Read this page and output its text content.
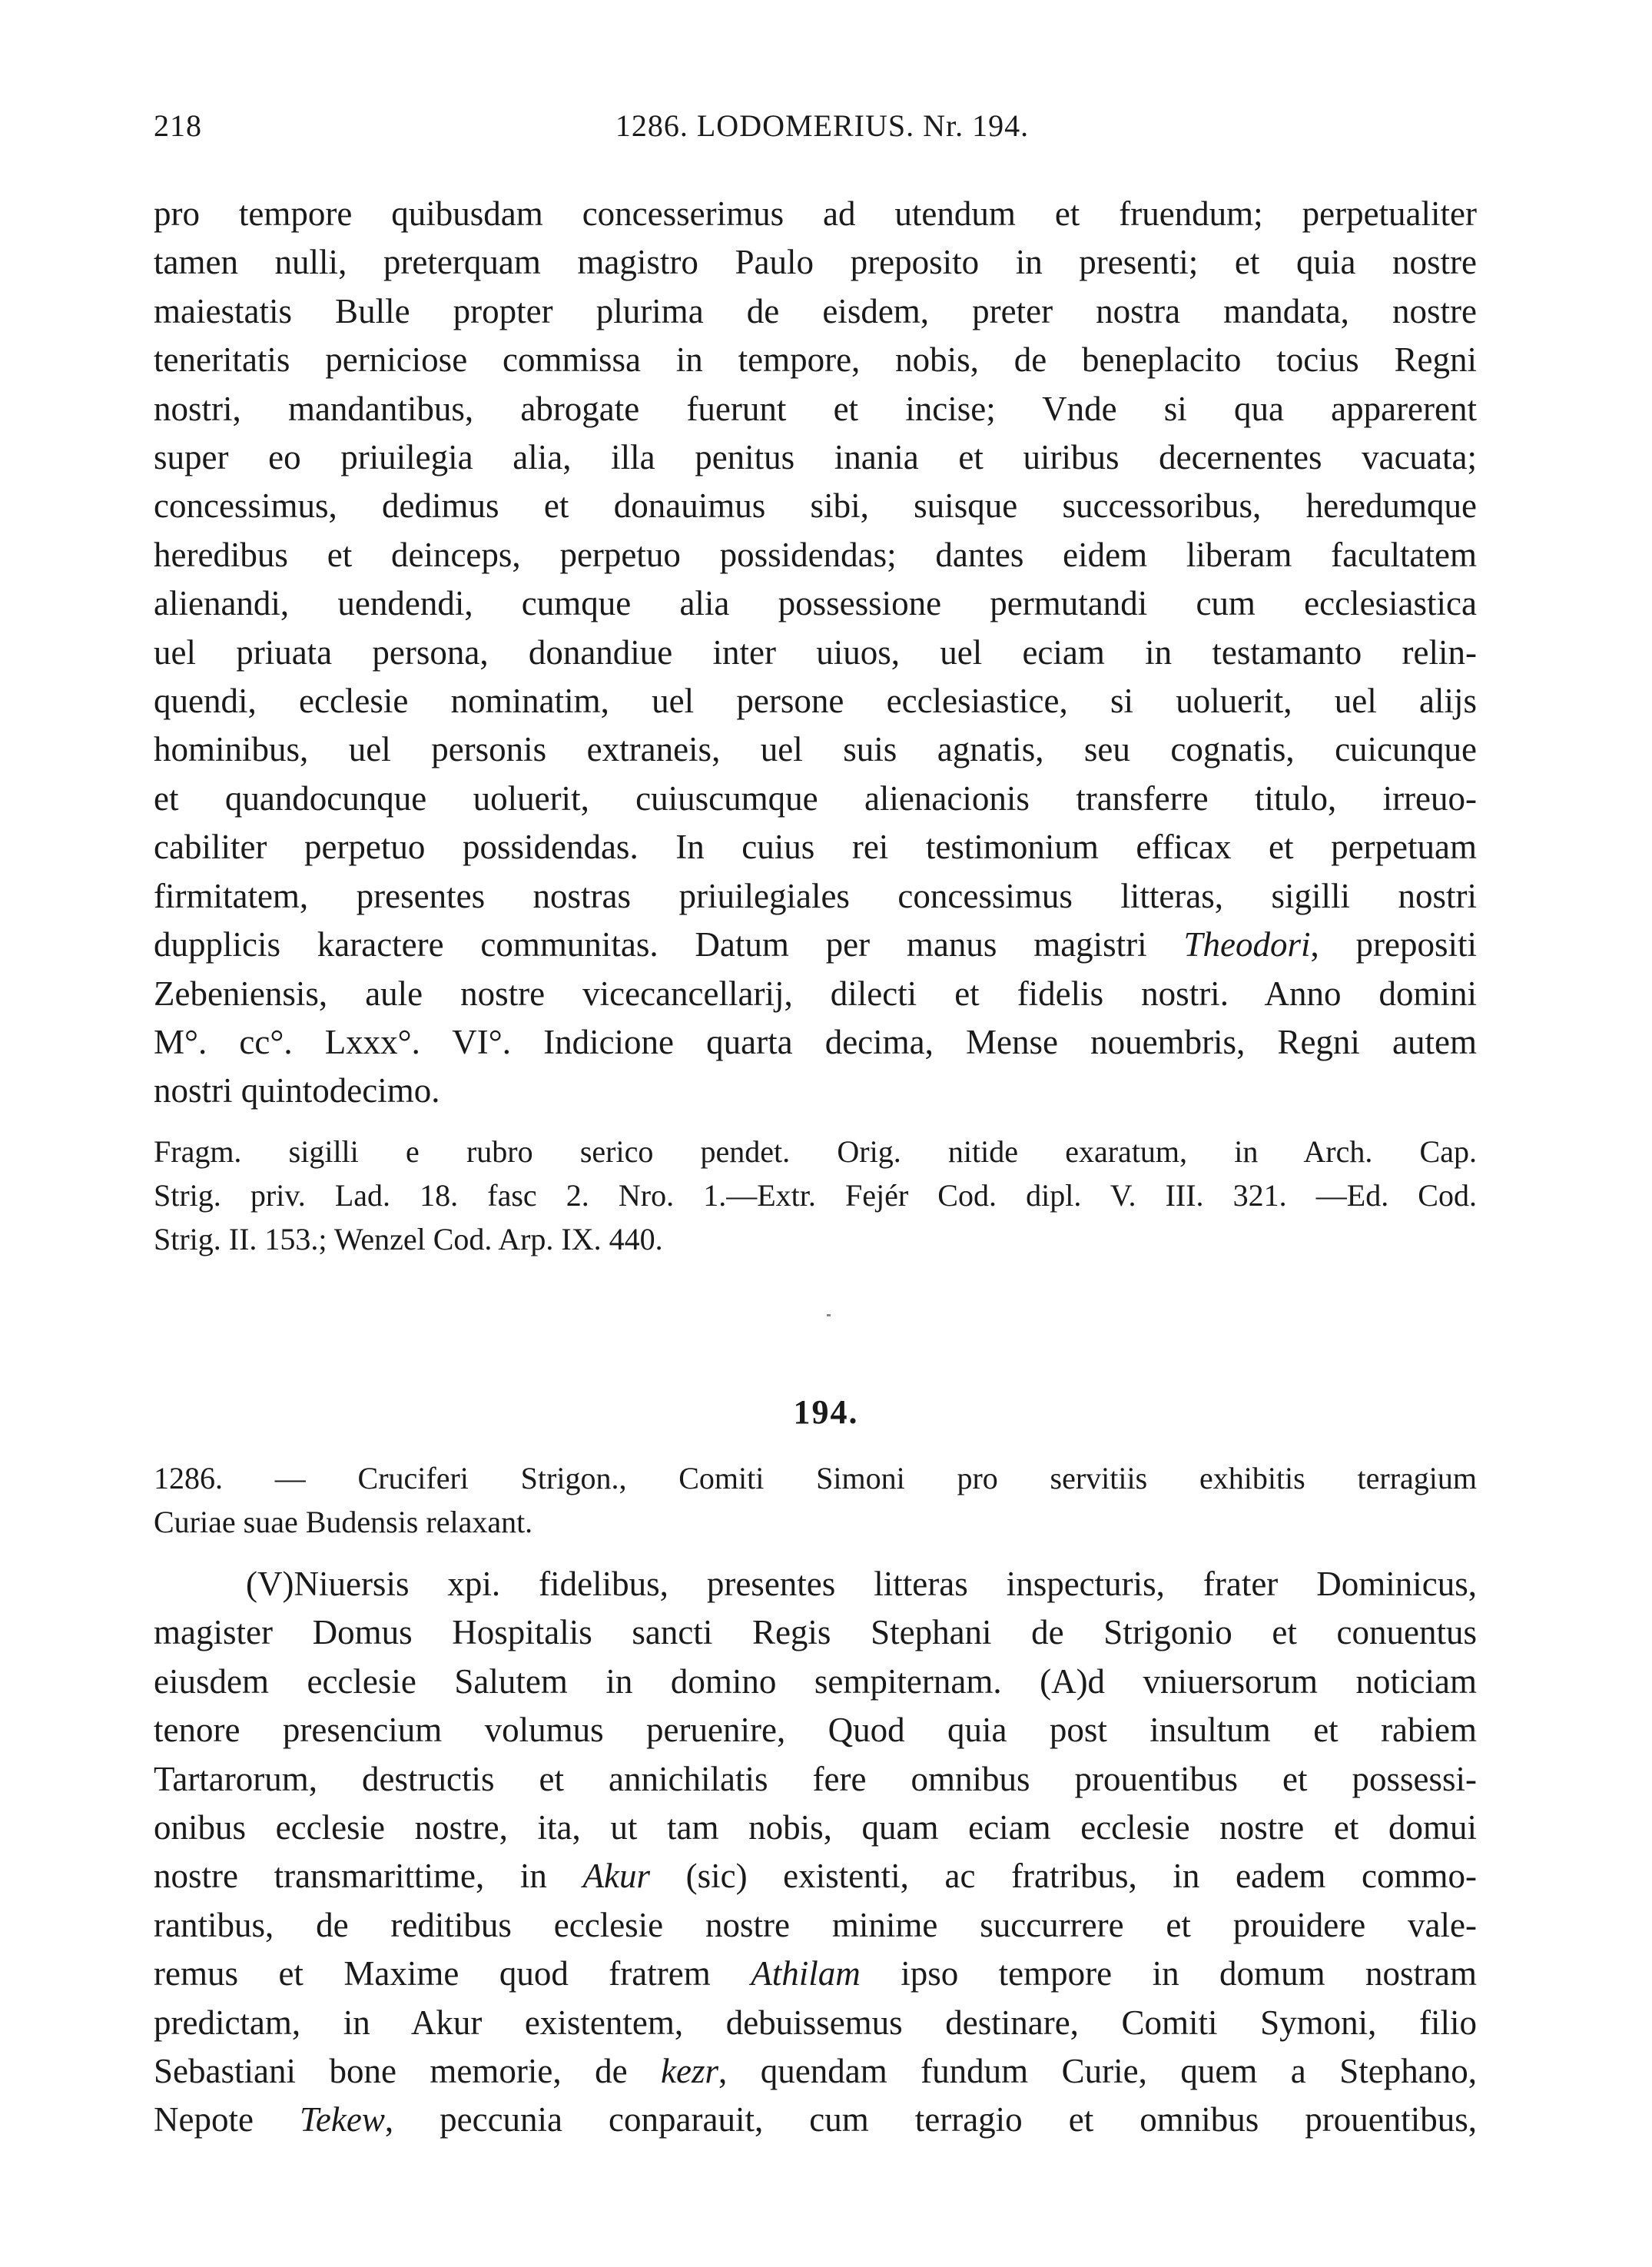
218	1286. LODOMERIUS. Nr. 194.
pro tempore quibusdam concesserimus ad utendum et fruendum; perpetualiter
tamen nulli, preterquam magistro Paulo preposito in presenti; et quia nostre
maiestatis Bulle propter plurima de eisdem, preter nostra mandata, nostre
teneritatis perniciose commissa in tempore, nobis, de beneplacito tocius Regni
nostri, mandantibus, abrogate fuerunt et incise; Vnde si qua apparerent
super eo priuilegia alia, illa penitus inania et uiribus decernentes vacuata;
concessimus, dedimus et donauimus sibi, suisque successoribus, heredumque
heredibus et deinceps, perpetuo possidendas; dantes eidem liberam facultatem
alienandi, uendendi, cumque alia possessione permutandi cum ecclesiastica
uel priuata persona, donandiue inter uiuos, uel eciam in testamanto relin-
quendi, ecclesie nominatim, uel persone ecclesiastice, si uoluerit, uel alijs
hominibus, uel personis extraneis, uel suis agnatis, seu cognatis, cuicunque
et quandocunque uoluerit, cuiuscumque alienacionis transferre titulo, irreuo-
cabiliter perpetuo possidendas. In cuius rei testimonium efficax et perpetuam
firmitatem, presentes nostras priuilegiales concessimus litteras, sigilli nostri
dupplicis karactere communitas. Datum per manus magistri Theodori, prepositi
Zebeniensis, aule nostre vicecancellarij, dilecti et fidelis nostri. Anno domini
M°. cc°. Lxxx°. VI°. Indicione quarta decima, Mense nouembris, Regni autem
nostri quintodecimo.
Fragm. sigilli e rubro serico pendet. Orig. nitide exaratum, in Arch. Cap.
Strig. priv. Lad. 18. fasc 2. Nro. 1.—Extr. Fejér Cod. dipl. V. III. 321. —Ed. Cod.
Strig. II. 153.; Wenzel Cod. Arp. IX. 440.
194.
1286. — Cruciferi Strigon., Comiti Simoni pro servitiis exhibitis terragium
Curiae suae Budensis relaxant.
(V)Niuersis xpi. fidelibus, presentes litteras inspecturis, frater Dominicus,
magister Domus Hospitalis sancti Regis Stephani de Strigonio et conuentus
eiusdem ecclesie Salutem in domino sempiternam. (A)d vniuersorum noticiam
tenore presencium volumus peruenire, Quod quia post insultum et rabiem
Tartarorum, destructis et annichilatis fere omnibus prouentibus et possessi-
onibus ecclesie nostre, ita, ut tam nobis, quam eciam ecclesie nostre et domui
nostre transmarittime, in Akur (sic) existenti, ac fratribus, in eadem commo-
rantibus, de reditibus ecclesie nostre minime succurrere et prouidere vale-
remus et Maxime quod fratrem Athilam ipso tempore in domum nostram
predictam, in Akur existentem, debuissemus destinare, Comiti Symoni, filio
Sebastiani bone memorie, de kezr, quendam fundum Curie, quem a Stephano,
Nepote Tekew, peccunia conparauit, cum terragio et omnibus prouentibus,
